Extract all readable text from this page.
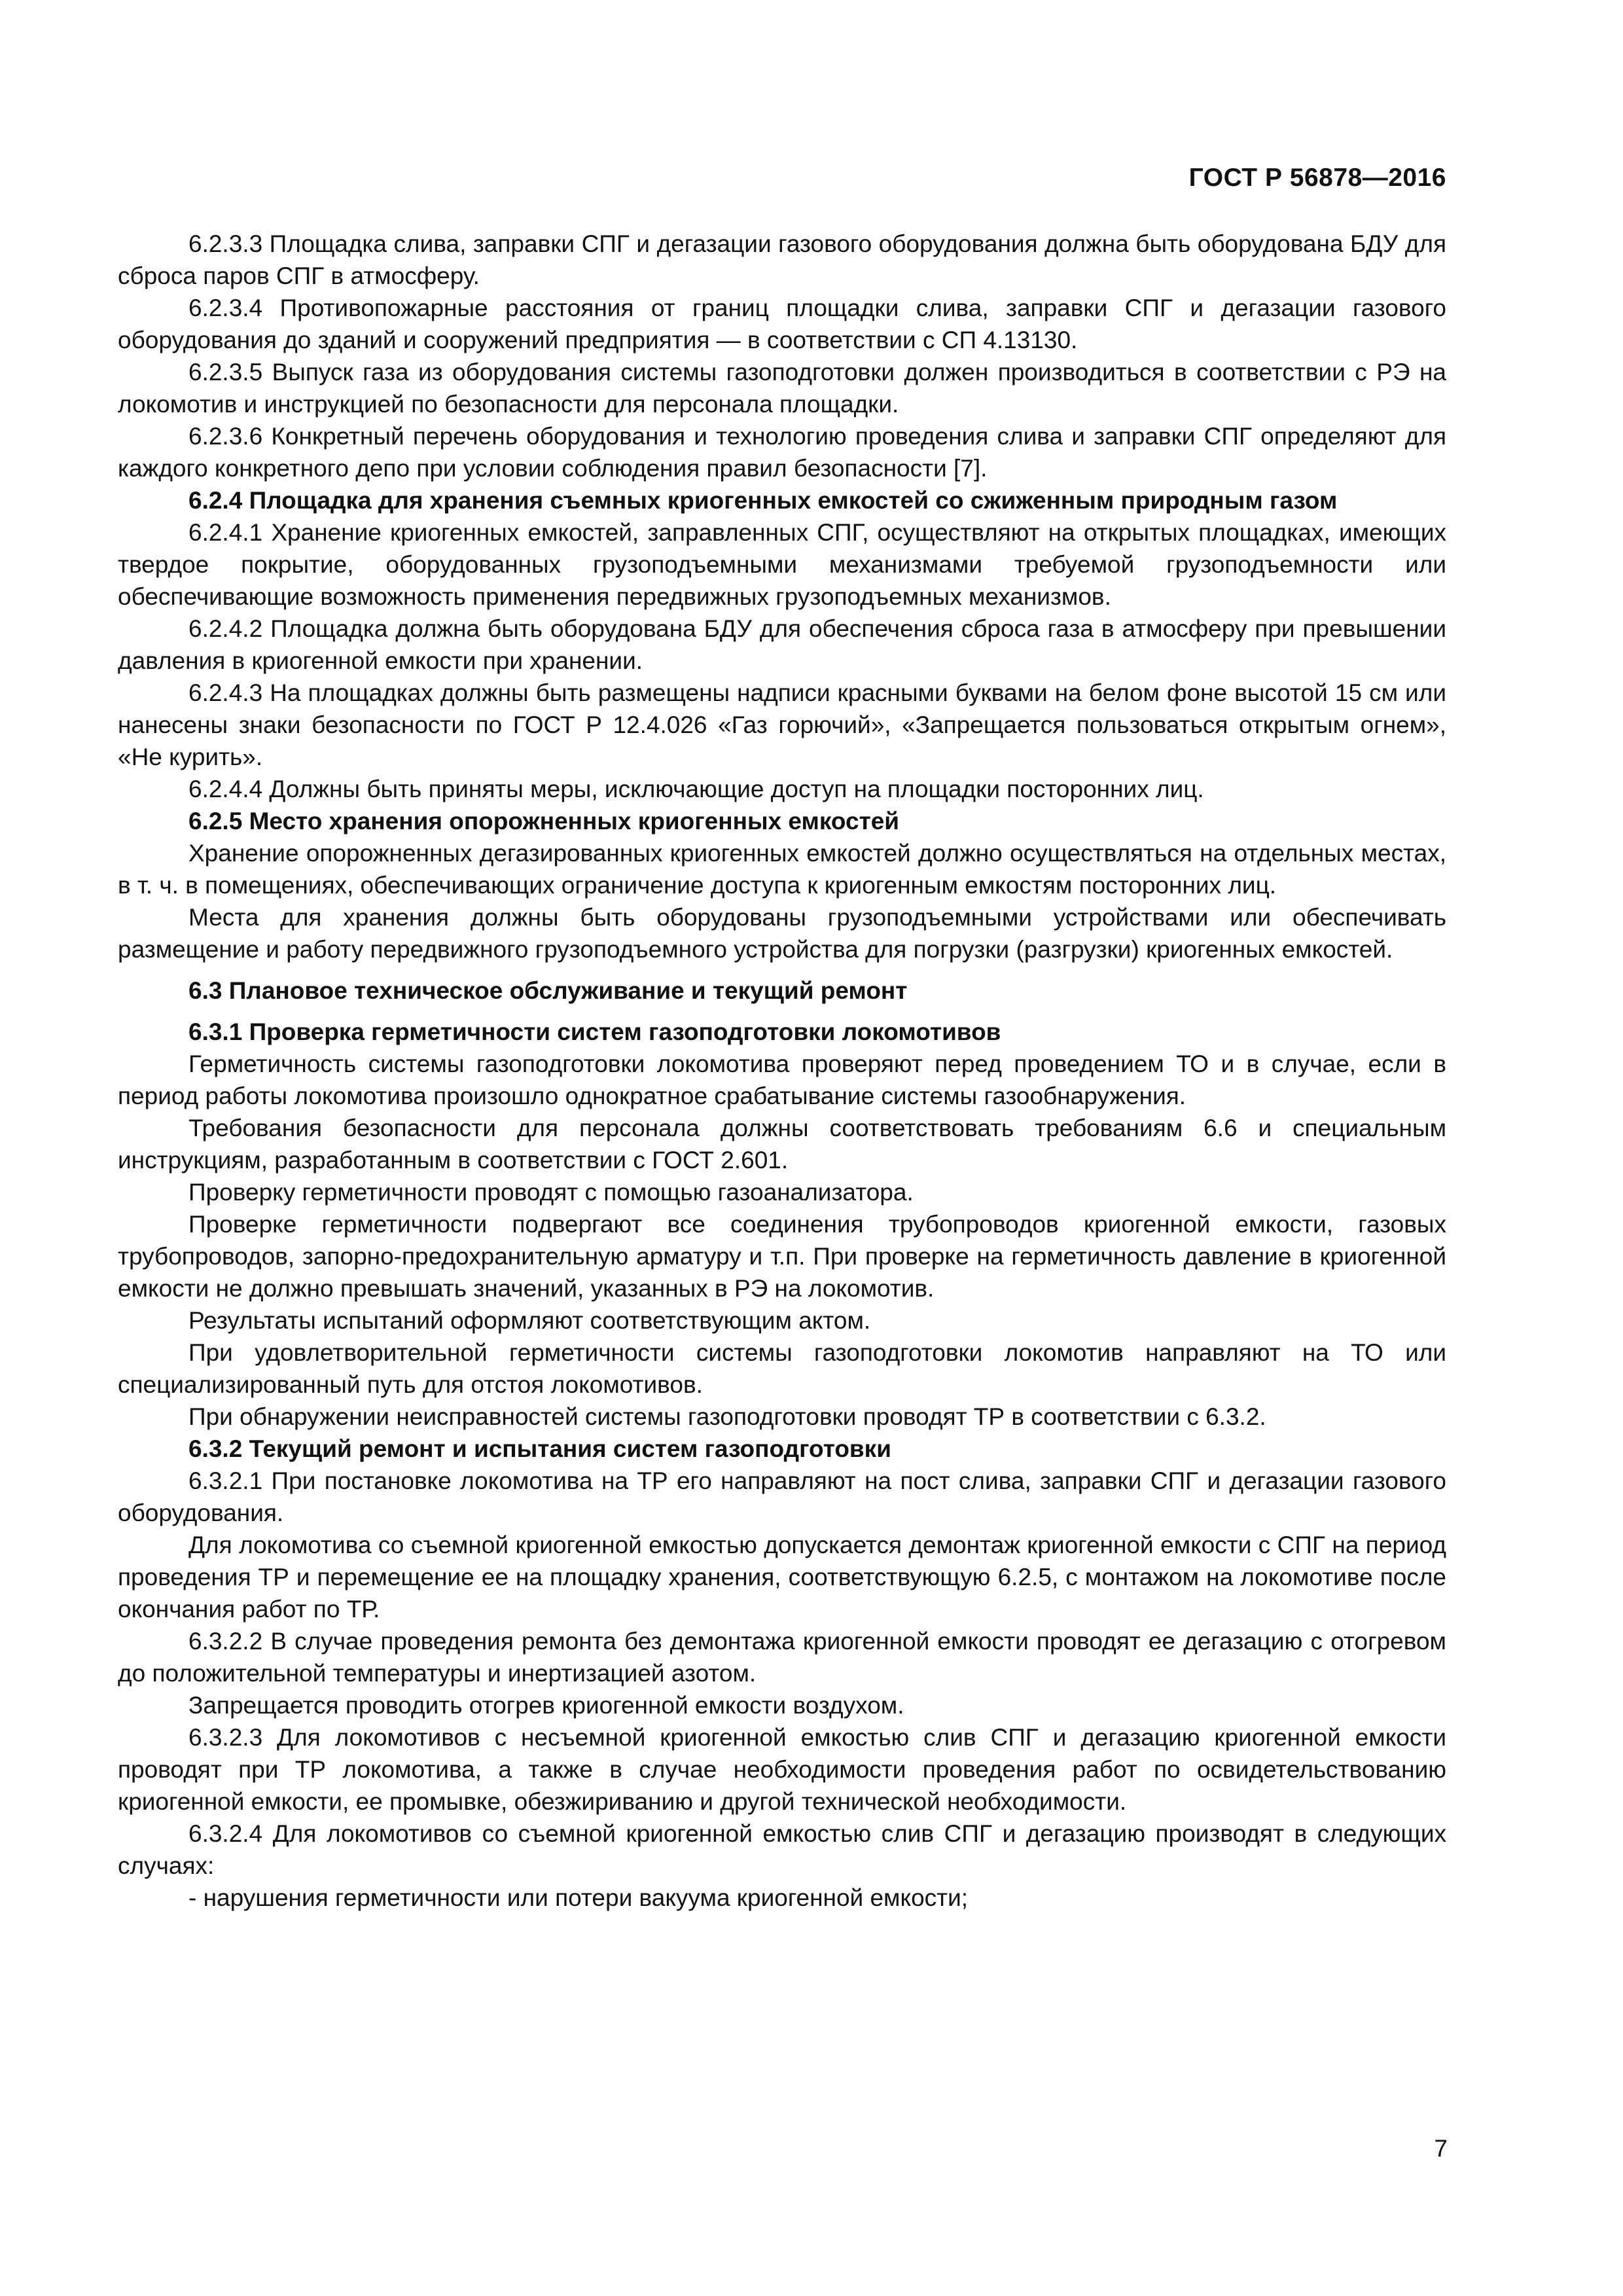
ГОСТ Р 56878—2016

6.2.3.3 Площадка слива, заправки СПГ и дегазации газового оборудования должна быть оборудована БДУ для сброса паров СПГ в атмосферу.

6.2.3.4 Противопожарные расстояния от границ площадки слива, заправки СПГ и дегазации газового оборудования до зданий и сооружений предприятия — в соответствии с СП 4.13130.

6.2.3.5 Выпуск газа из оборудования системы газоподготовки должен производиться в соответствии с РЭ на локомотив и инструкцией по безопасности для персонала площадки.

6.2.3.6 Конкретный перечень оборудования и технологию проведения слива и заправки СПГ определяют для каждого конкретного депо при условии соблюдения правил безопасности [7].

6.2.4 Площадка для хранения съемных криогенных емкостей со сжиженным природным газом

6.2.4.1 Хранение криогенных емкостей, заправленных СПГ, осуществляют на открытых площадках, имеющих твердое покрытие, оборудованных грузоподъемными механизмами требуемой грузоподъемности или обеспечивающие возможность применения передвижных грузоподъемных механизмов.

6.2.4.2 Площадка должна быть оборудована БДУ для обеспечения сброса газа в атмосферу при превышении давления в криогенной емкости при хранении.

6.2.4.3 На площадках должны быть размещены надписи красными буквами на белом фоне высотой 15 см или нанесены знаки безопасности по ГОСТ Р 12.4.026 «Газ горючий», «Запрещается пользоваться открытым огнем», «Не курить».

6.2.4.4 Должны быть приняты меры, исключающие доступ на площадки посторонних лиц.

6.2.5 Место хранения опорожненных криогенных емкостей

Хранение опорожненных дегазированных криогенных емкостей должно осуществляться на отдельных местах, в т. ч. в помещениях, обеспечивающих ограничение доступа к криогенным емкостям посторонних лиц.

Места для хранения должны быть оборудованы грузоподъемными устройствами или обеспечивать размещение и работу передвижного грузоподъемного устройства для погрузки (разгрузки) криогенных емкостей.

6.3 Плановое техническое обслуживание и текущий ремонт

6.3.1 Проверка герметичности систем газоподготовки локомотивов

Герметичность системы газоподготовки локомотива проверяют перед проведением ТО и в случае, если в период работы локомотива произошло однократное срабатывание системы газообнаружения.

Требования безопасности для персонала должны соответствовать требованиям 6.6 и специальным инструкциям, разработанным в соответствии с ГОСТ 2.601.

Проверку герметичности проводят с помощью газоанализатора.

Проверке герметичности подвергают все соединения трубопроводов криогенной емкости, газовых трубопроводов, запорно-предохранительную арматуру и т.п. При проверке на герметичность давление в криогенной емкости не должно превышать значений, указанных в РЭ на локомотив.

Результаты испытаний оформляют соответствующим актом.

При удовлетворительной герметичности системы газоподготовки локомотив направляют на ТО или специализированный путь для отстоя локомотивов.

При обнаружении неисправностей системы газоподготовки проводят ТР в соответствии с 6.3.2.

6.3.2 Текущий ремонт и испытания систем газоподготовки

6.3.2.1 При постановке локомотива на ТР его направляют на пост слива, заправки СПГ и дегазации газового оборудования.

Для локомотива со съемной криогенной емкостью допускается демонтаж криогенной емкости с СПГ на период проведения ТР и перемещение ее на площадку хранения, соответствующую 6.2.5, с монтажом на локомотиве после окончания работ по ТР.

6.3.2.2 В случае проведения ремонта без демонтажа криогенной емкости проводят ее дегазацию с отогревом до положительной температуры и инертизацией азотом.

Запрещается проводить отогрев криогенной емкости воздухом.

6.3.2.3 Для локомотивов с несъемной криогенной емкостью слив СПГ и дегазацию криогенной емкости проводят при ТР локомотива, а также в случае необходимости проведения работ по освидетельствованию криогенной емкости, ее промывке, обезжириванию и другой технической необходимости.

6.3.2.4 Для локомотивов со съемной криогенной емкостью слив СПГ и дегазацию производят в следующих случаях:

- нарушения герметичности или потери вакуума криогенной емкости;

7
